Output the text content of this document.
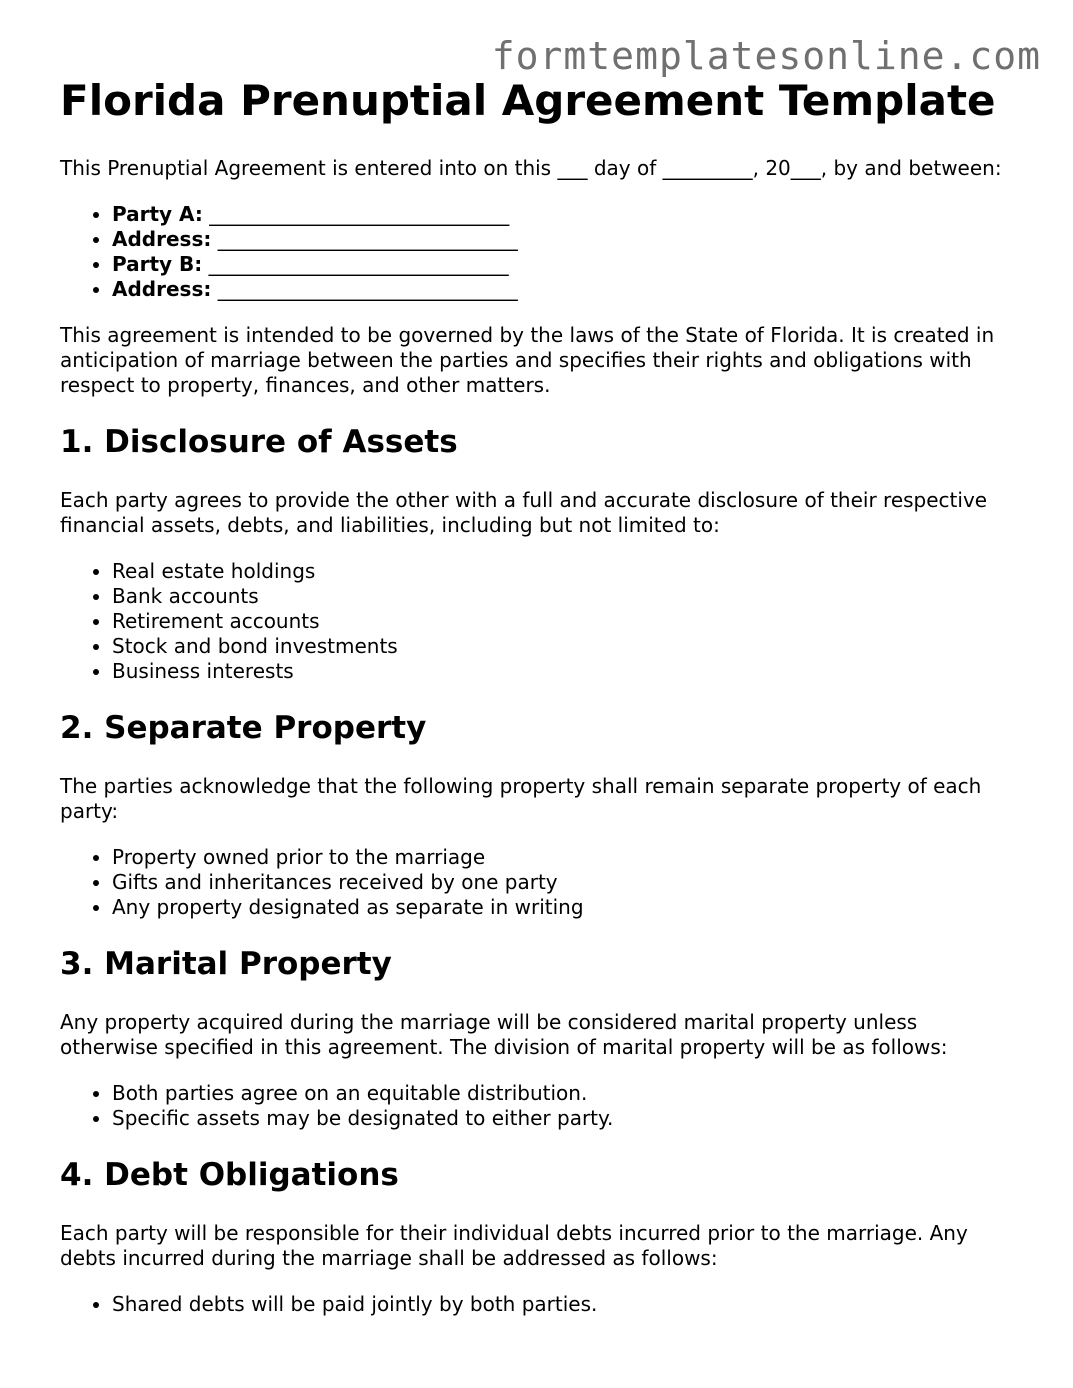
formtemplatesonline.com
Florida Prenuptial Agreement Template

This Prenuptial Agreement is entered into on this ___ day of _________, 20___, by and between:

• Party A: ______________________________
• Address: ______________________________
• Party B: ______________________________
• Address: ______________________________

This agreement is intended to be governed by the laws of the State of Florida. It is created in anticipation of marriage between the parties and specifies their rights and obligations with respect to property, finances, and other matters.

1. Disclosure of Assets

Each party agrees to provide the other with a full and accurate disclosure of their respective financial assets, debts, and liabilities, including but not limited to:

• Real estate holdings
• Bank accounts
• Retirement accounts
• Stock and bond investments
• Business interests
2. Separate Property

The parties acknowledge that the following property shall remain separate property of each party:

• Property owned prior to the marriage
• Gifts and inheritances received by one party
• Any property designated as separate in writing
3. Marital Property

Any property acquired during the marriage will be considered marital property unless otherwise specified in this agreement. The division of marital property will be as follows:

• Both parties agree on an equitable distribution.
• Specific assets may be designated to either party.
4. Debt Obligations

Each party will be responsible for their individual debts incurred prior to the marriage. Any debts incurred during the marriage shall be addressed as follows:

• Shared debts will be paid jointly by both parties.
